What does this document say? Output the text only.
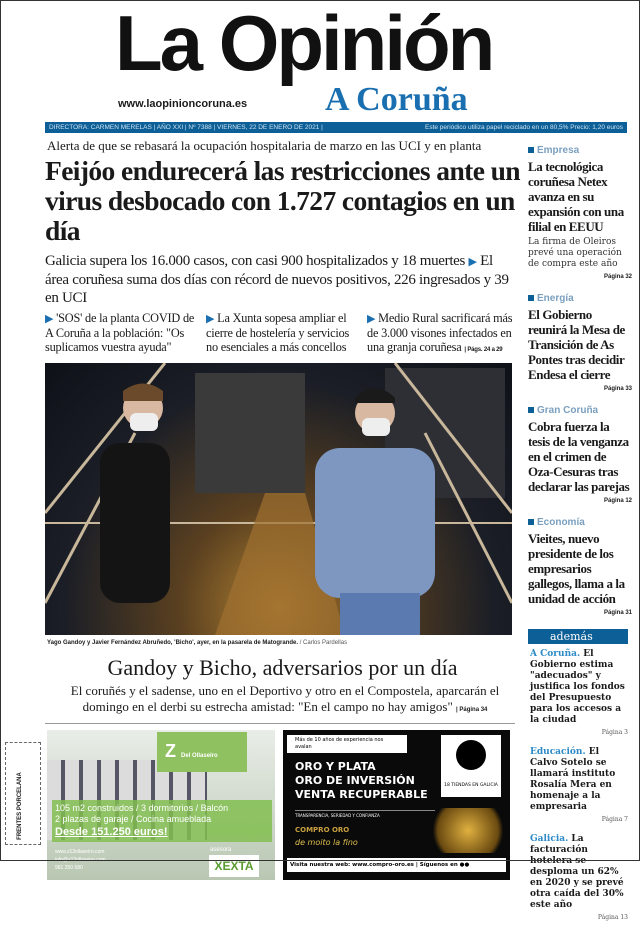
La Opinión
www.laopinioncoruna.es A Coruña
DIRECTORA: CARMEN MERELAS | AÑO XXI | Nº 7388 | VIERNES, 22 DE ENERO DE 2021 |	Este periódico utiliza papel reciclado en un 80,5% Precio: 1,20 euros
Alerta de que se rebasará la ocupación hospitalaria de marzo en las UCI y en planta
Feijóo endurecerá las restricciones ante un virus desbocado con 1.727 contagios en un día
Galicia supera los 16.000 casos, con casi 900 hospitalizados y 18 muertes ▶ El área coruñesa suma dos días con récord de nuevos positivos, 226 ingresados y 39 en UCI
▶ 'SOS' de la planta COVID de A Coruña a la población: "Os suplicamos vuestra ayuda"
▶ La Xunta sopesa ampliar el cierre de hostelería y servicios no esenciales a más concellos
▶ Medio Rural sacrificará más de 3.000 visones infectados en una granja coruñesa | Págs. 24 a 29
Yago Gandoy y Javier Fernández Abruñedo, 'Bicho', ayer, en la pasarela de Matogrande. / Carlos Pardellas
Gandoy y Bicho, adversarios por un día
El coruñés y el sadense, uno en el Deportivo y otro en el Compostela, aparcarán el domingo en el derbi su estrecha amistad: "En el campo no hay amigos" | Página 34
Z Del Ollaseiro
105 m2 construidos / 3 dormitorios / Balcón
2 plazas de garaje / Cocina amueblada
Desde 151.250 euros!
www.z13ollaseiro.com
info@z13ollaseiro.com
981 250 580
asesora
XEXTA
Más de 10 años de experiencia nos avalan
18 TIENDAS EN GALICIA
ORO Y PLATA
ORO DE INVERSIÓN
VENTA RECUPERABLE
TRANSPARENCIA, SERIEDAD Y CONFIANZA
COMPRO ORO
de moito la fino
Visita nuestra web: www.compro-oro.es | Síguenos en ●●
Empresa
La tecnológica coruñesa Netex avanza en su expansión con una filial en EEUU
La firma de Oleiros prevé una operación de compra este año
Página 32
Energía
El Gobierno reunirá la Mesa de Transición de As Pontes tras decidir Endesa el cierre
Página 33
Gran Coruña
Cobra fuerza la tesis de la venganza en el crimen de Oza-Cesuras tras declarar las parejas
Página 12
Economía
Vieites, nuevo presidente de los empresarios gallegos, llama a la unidad de acción
Página 31
además
A Coruña. El Gobierno estima "adecuados" y justifica los fondos del Presupuesto para los accesos a la ciudad
Página 3
Educación. El Calvo Sotelo se llamará instituto Rosalía Mera en homenaje a la empresaria
Página 7
Galicia. La facturación hotelera se desploma un 62% en 2020 y se prevé otra caída del 30% este año
Página 13
FRENTES PORCELANA
